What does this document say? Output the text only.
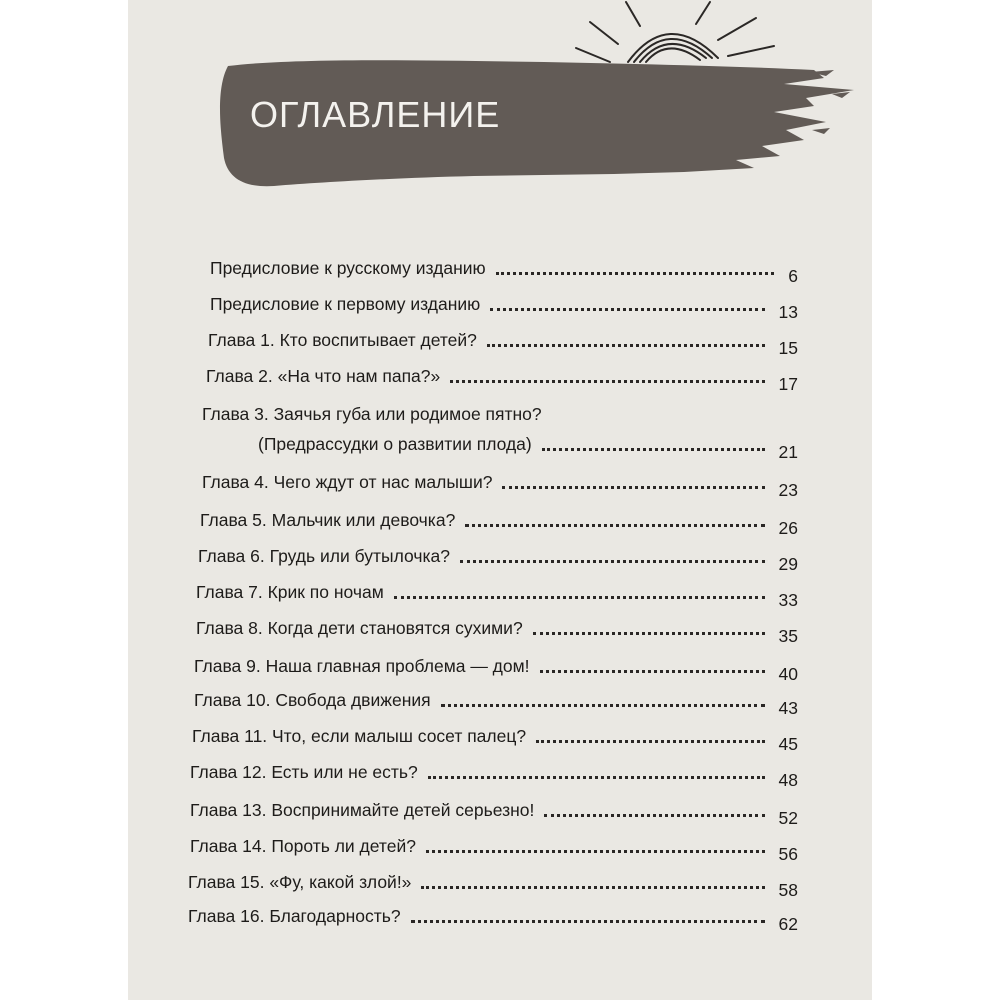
ОГЛАВЛЕНИЕ
Предисловие к русскому изданию	6
Предисловие к первому изданию	13
Глава 1. Кто воспитывает детей?	15
Глава 2. «На что нам папа?»	17
Глава 3. Заячья губа или родимое пятно?
(Предрассудки о развитии плода)	21
Глава 4. Чего ждут от нас малыши?	23
Глава 5. Мальчик или девочка?	26
Глава 6. Грудь или бутылочка?	29
Глава 7. Крик по ночам	33
Глава 8. Когда дети становятся сухими?	35
Глава 9. Наша главная проблема — дом!	40
Глава 10. Свобода движения	43
Глава 11. Что, если малыш сосет палец?	45
Глава 12. Есть или не есть?	48
Глава 13. Воспринимайте детей серьезно!	52
Глава 14. Пороть ли детей?	56
Глава 15. «Фу, какой злой!»	58
Глава 16. Благодарность?	62
